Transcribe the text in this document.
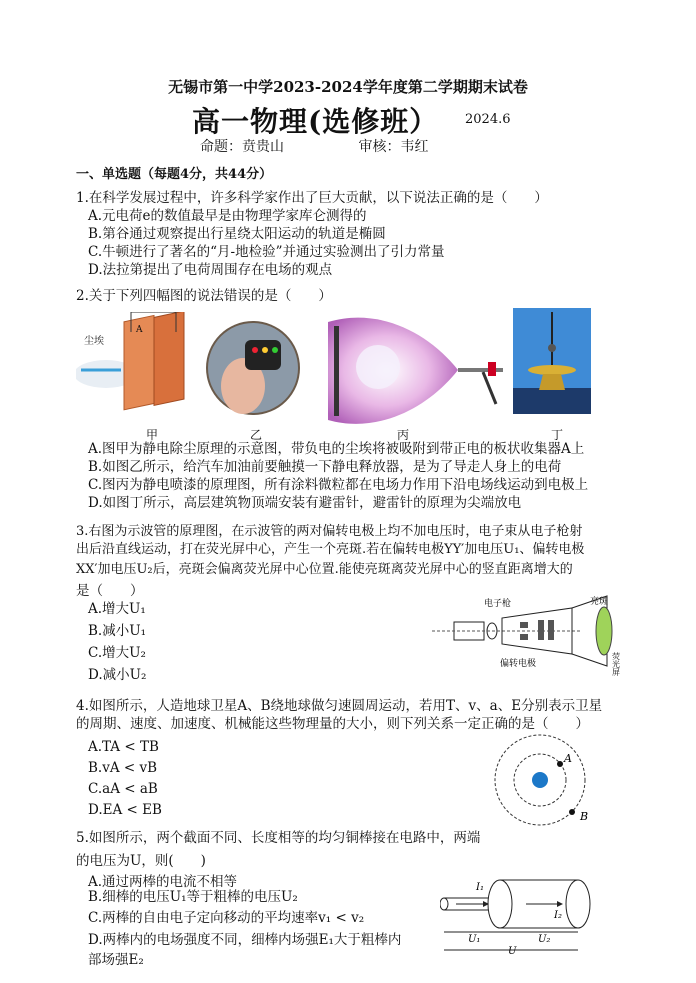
无锡市第一中学2023-2024学年度第二学期期末试卷
高一物理(选修班） 2024.6
命题：贲贵山	审核：韦红
一、单选题（每题4分，共44分）
1.在科学发展过程中，许多科学家作出了巨大贡献，以下说法正确的是（　　）
A.元电荷e的数值最早是由物理学家库仑测得的
B.第谷通过观察提出行星绕太阳运动的轨道是椭圆
C.牛顿进行了著名的“月-地检验”并通过实验测出了引力常量
D.法拉第提出了电荷周围存在电场的观点
2.关于下列四幅图的说法错误的是（　　）
尘埃
A
甲	乙	丙	丁
A.图甲为静电除尘原理的示意图，带负电的尘埃将被吸附到带正电的板状收集器A上
B.如图乙所示，给汽车加油前要触摸一下静电释放器，是为了导走人身上的电荷
C.图丙为静电喷漆的原理图，所有涂料微粒都在电场力作用下沿电场线运动到电极上
D.如图丁所示，高层建筑物顶端安装有避雷针，避雷针的原理为尖端放电
3.右图为示波管的原理图，在示波管的两对偏转电极上均不加电压时，电子束从电子枪射
出后沿直线运动，打在荧光屏中心，产生一个亮斑.若在偏转电极YY′加电压U₁、偏转电极
XX′加电压U₂后，亮斑会偏离荧光屏中心位置.能使亮斑离荧光屏中心的竖直距离增大的
是（　　）
A.增大U₁
B.减小U₁
C.增大U₂
D.减小U₂
电子枪	亮斑
偏转电极	荧光屏
4.如图所示，人造地球卫星A、B绕地球做匀速圆周运动，若用T、v、a、E分别表示卫星
的周期、速度、加速度、机械能这些物理量的大小，则下列关系一定正确的是（　　）
A.TA < TB
B.vA < vB
C.aA < aB
D.EA < EB
A
B
5.如图所示，两个截面不同、长度相等的均匀铜棒接在电路中，两端
的电压为U，则(　　)
A.通过两棒的电流不相等
B.细棒的电压U₁等于粗棒的电压U₂
C.两棒的自由电子定向移动的平均速率v₁ < v₂
D.两棒内的电场强度不同，细棒内场强E₁大于粗棒内
部场强E₂
I₁
I₂
U₁	U₂
U
